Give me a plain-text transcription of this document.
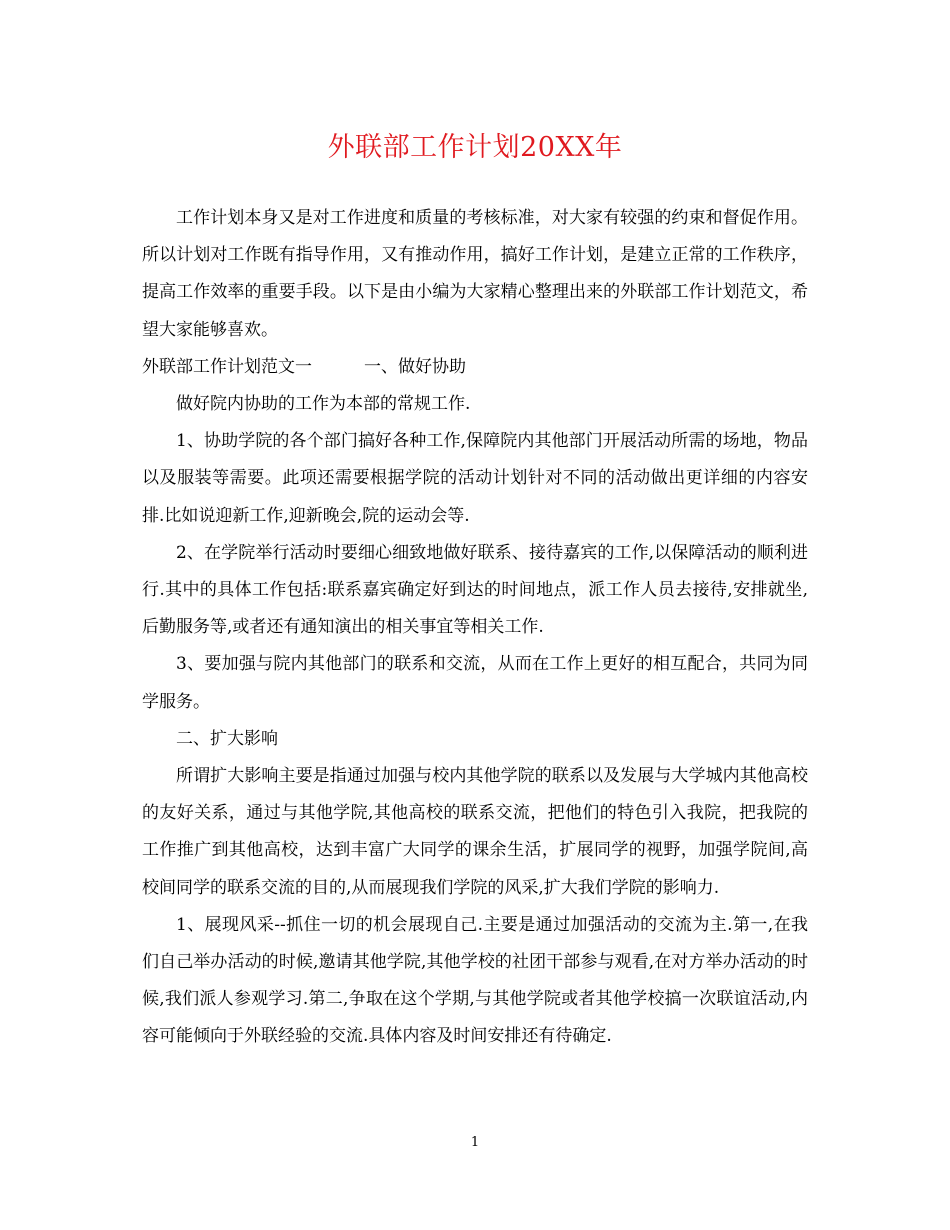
外联部工作计划20XX年

工作计划本身又是对工作进度和质量的考核标准，对大家有较强的约束和督促作用。所以计划对工作既有指导作用，又有推动作用，搞好工作计划，是建立正常的工作秩序，提高工作效率的重要手段。以下是由小编为大家精心整理出来的外联部工作计划范文，希望大家能够喜欢。

外联部工作计划范文一	一、做好协助

做好院内协助的工作为本部的常规工作.

1、协助学院的各个部门搞好各种工作,保障院内其他部门开展活动所需的场地，物品以及服装等需要。此项还需要根据学院的活动计划针对不同的活动做出更详细的内容安排.比如说迎新工作,迎新晚会,院的运动会等.

2、在学院举行活动时要细心细致地做好联系、接待嘉宾的工作,以保障活动的顺利进行.其中的具体工作包括:联系嘉宾确定好到达的时间地点，派工作人员去接待,安排就坐,后勤服务等,或者还有通知演出的相关事宜等相关工作.

3、要加强与院内其他部门的联系和交流，从而在工作上更好的相互配合，共同为同学服务。

二、扩大影响

所谓扩大影响主要是指通过加强与校内其他学院的联系以及发展与大学城内其他高校的友好关系，通过与其他学院,其他高校的联系交流，把他们的特色引入我院，把我院的工作推广到其他高校，达到丰富广大同学的课余生活，扩展同学的视野，加强学院间,高校间同学的联系交流的目的,从而展现我们学院的风采,扩大我们学院的影响力.

1、展现风采--抓住一切的机会展现自己.主要是通过加强活动的交流为主.第一,在我们自己举办活动的时候,邀请其他学院,其他学校的社团干部参与观看,在对方举办活动的时候,我们派人参观学习.第二,争取在这个学期,与其他学院或者其他学校搞一次联谊活动,内容可能倾向于外联经验的交流.具体内容及时间安排还有待确定.

1
